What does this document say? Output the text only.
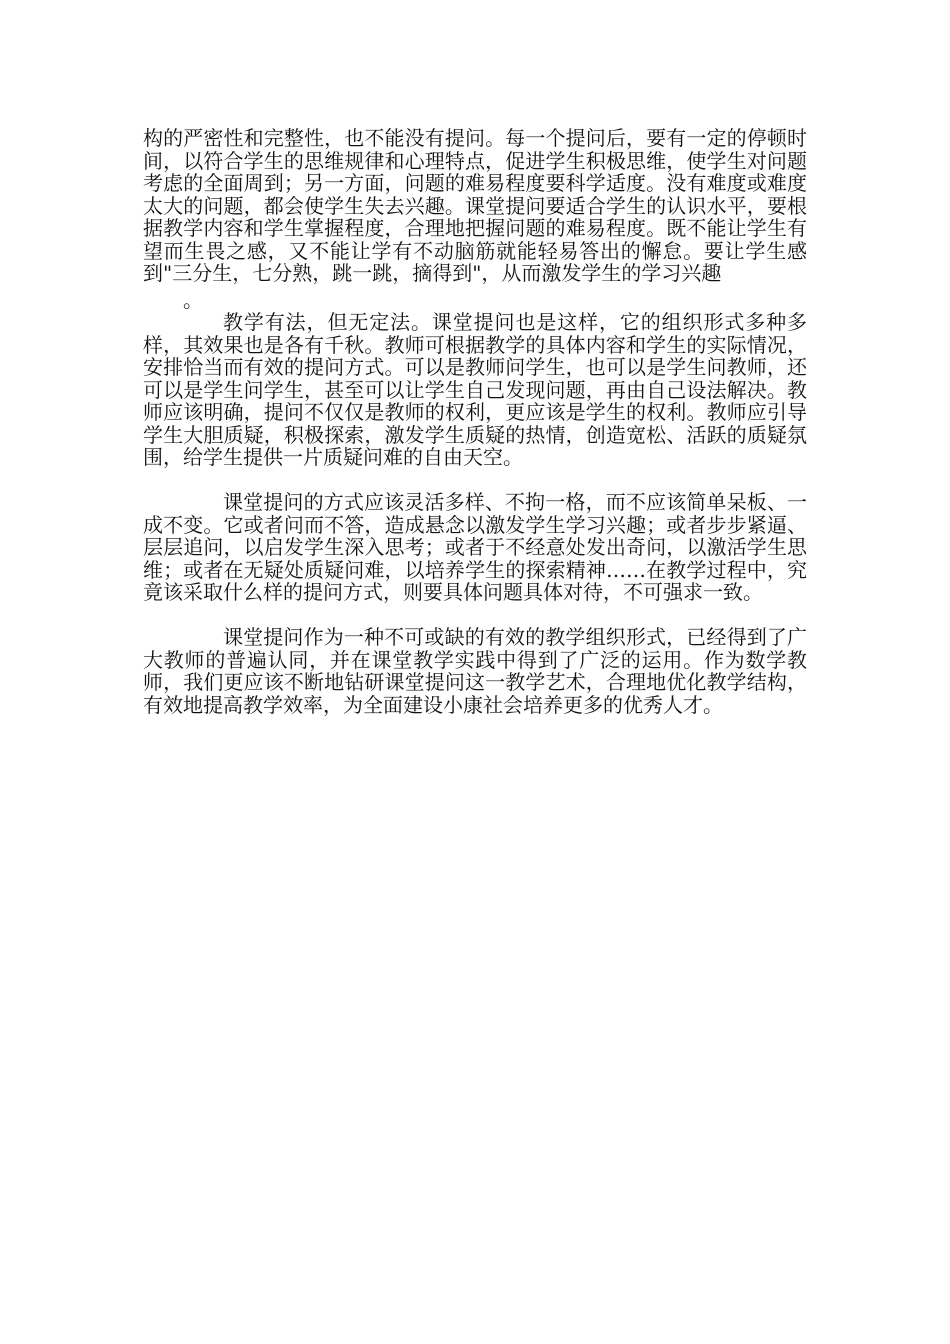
构的严密性和完整性，也不能没有提问。每一个提问后，要有一定的停顿时间，以符合学生的思维规律和心理特点，促进学生积极思维，使学生对问题考虑的全面周到；另一方面，问题的难易程度要科学适度。没有难度或难度太大的问题，都会使学生失去兴趣。课堂提问要适合学生的认识水平，要根据教学内容和学生掌握程度，合理地把握问题的难易程度。既不能让学生有望而生畏之感，又不能让学有不动脑筋就能轻易答出的懈怠。要让学生感到"三分生，七分熟，跳一跳，摘得到"，从而激发学生的学习兴趣

。

教学有法，但无定法。课堂提问也是这样，它的组织形式多种多样，其效果也是各有千秋。教师可根据教学的具体内容和学生的实际情况，安排恰当而有效的提问方式。可以是教师问学生，也可以是学生问教师，还可以是学生问学生，甚至可以让学生自己发现问题，再由自己设法解决。教师应该明确，提问不仅仅是教师的权利，更应该是学生的权利。教师应引导学生大胆质疑，积极探索，激发学生质疑的热情，创造宽松、活跃的质疑氛围，给学生提供一片质疑问难的自由天空。

课堂提问的方式应该灵活多样、不拘一格，而不应该简单呆板、一成不变。它或者问而不答，造成悬念以激发学生学习兴趣；或者步步紧逼、层层追问，以启发学生深入思考；或者于不经意处发出奇问，以激活学生思维；或者在无疑处质疑问难，以培养学生的探索精神……在教学过程中，究竟该采取什么样的提问方式，则要具体问题具体对待，不可强求一致。

课堂提问作为一种不可或缺的有效的教学组织形式，已经得到了广大教师的普遍认同，并在课堂教学实践中得到了广泛的运用。作为数学教师，我们更应该不断地钻研课堂提问这一教学艺术，合理地优化教学结构，有效地提高教学效率，为全面建设小康社会培养更多的优秀人才。
